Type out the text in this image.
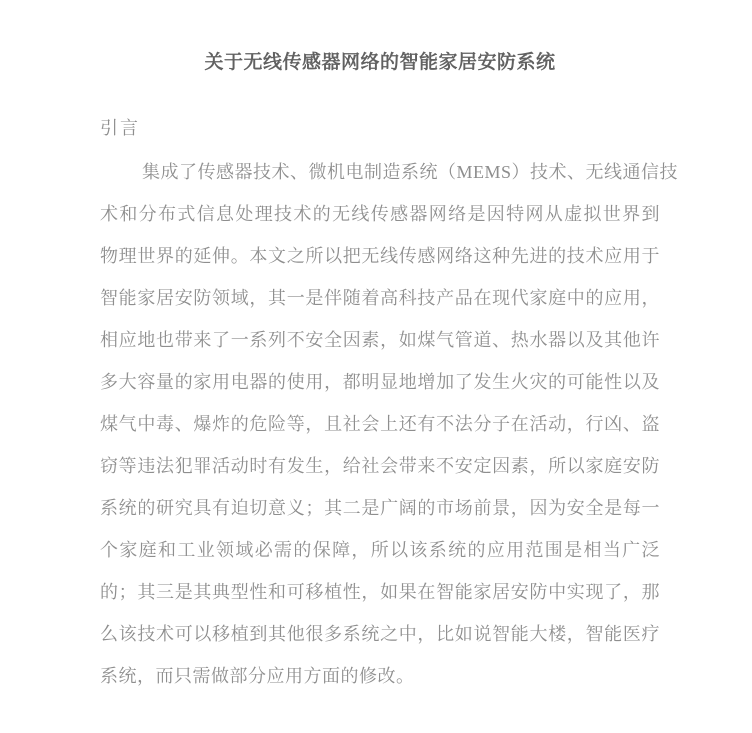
关于无线传感器网络的智能家居安防系统
引言
集成了传感器技术、微机电制造系统（MEMS）技术、无线通信技
术和分布式信息处理技术的无线传感器网络是因特网从虚拟世界到
物理世界的延伸。本文之所以把无线传感网络这种先进的技术应用于
智能家居安防领域，其一是伴随着高科技产品在现代家庭中的应用，
相应地也带来了一系列不安全因素，如煤气管道、热水器以及其他许
多大容量的家用电器的使用，都明显地增加了发生火灾的可能性以及
煤气中毒、爆炸的危险等，且社会上还有不法分子在活动，行凶、盗
窃等违法犯罪活动时有发生，给社会带来不安定因素，所以家庭安防
系统的研究具有迫切意义；其二是广阔的市场前景，因为安全是每一
个家庭和工业领域必需的保障，所以该系统的应用范围是相当广泛
的；其三是其典型性和可移植性，如果在智能家居安防中实现了，那
么该技术可以移植到其他很多系统之中，比如说智能大楼，智能医疗
系统，而只需做部分应用方面的修改。
